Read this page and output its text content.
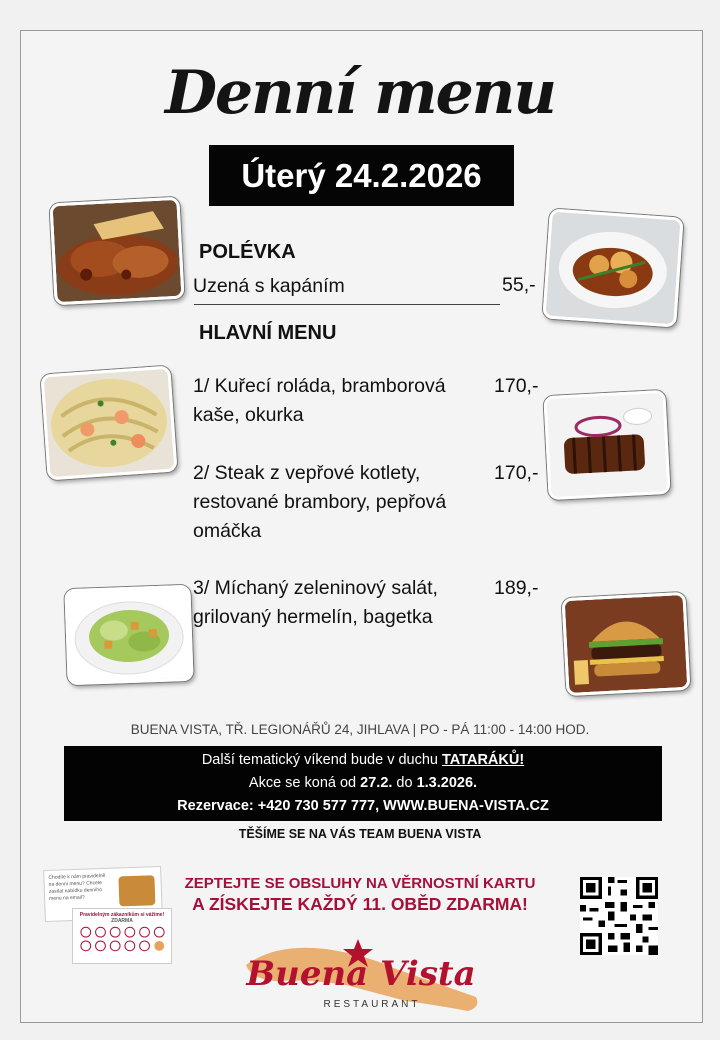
Denní menu
Úterý 24.2.2026
POLÉVKA
Uzená s kapáním	55,-
HLAVNÍ MENU
1/ Kuřecí roláda, bramborová
kaše, okurka
170,-
2/ Steak z vepřové kotlety,
restované brambory, pepřová
omáčka
170,-
3/ Míchaný zeleninový salát,
grilovaný hermelín, bagetka
189,-
BUENA VISTA, TŘ. LEGIONÁŘŮ 24, JIHLAVA | PO - PÁ 11:00 - 14:00 HOD.
Další tematický víkend bude v duchu TATARÁKŮ!
Akce se koná od 27.2. do 1.3.2026.
Rezervace: +420 730 577 777, WWW.BUENA-VISTA.CZ
TĚŠÍME SE NA VÁS TEAM BUENA VISTA
Chodíte k nám pravidelně na denní menu? Chcete zasílat nabídku denního menu na email?
Pravidelným zákazníkům si vážíme!
ZDARMA
ZEPTEJTE SE OBSLUHY NA VĚRNOSTNÍ KARTU
A ZÍSKEJTE KAŽDÝ 11. OBĚD ZDARMA!
Buena Vista
RESTAURANT
